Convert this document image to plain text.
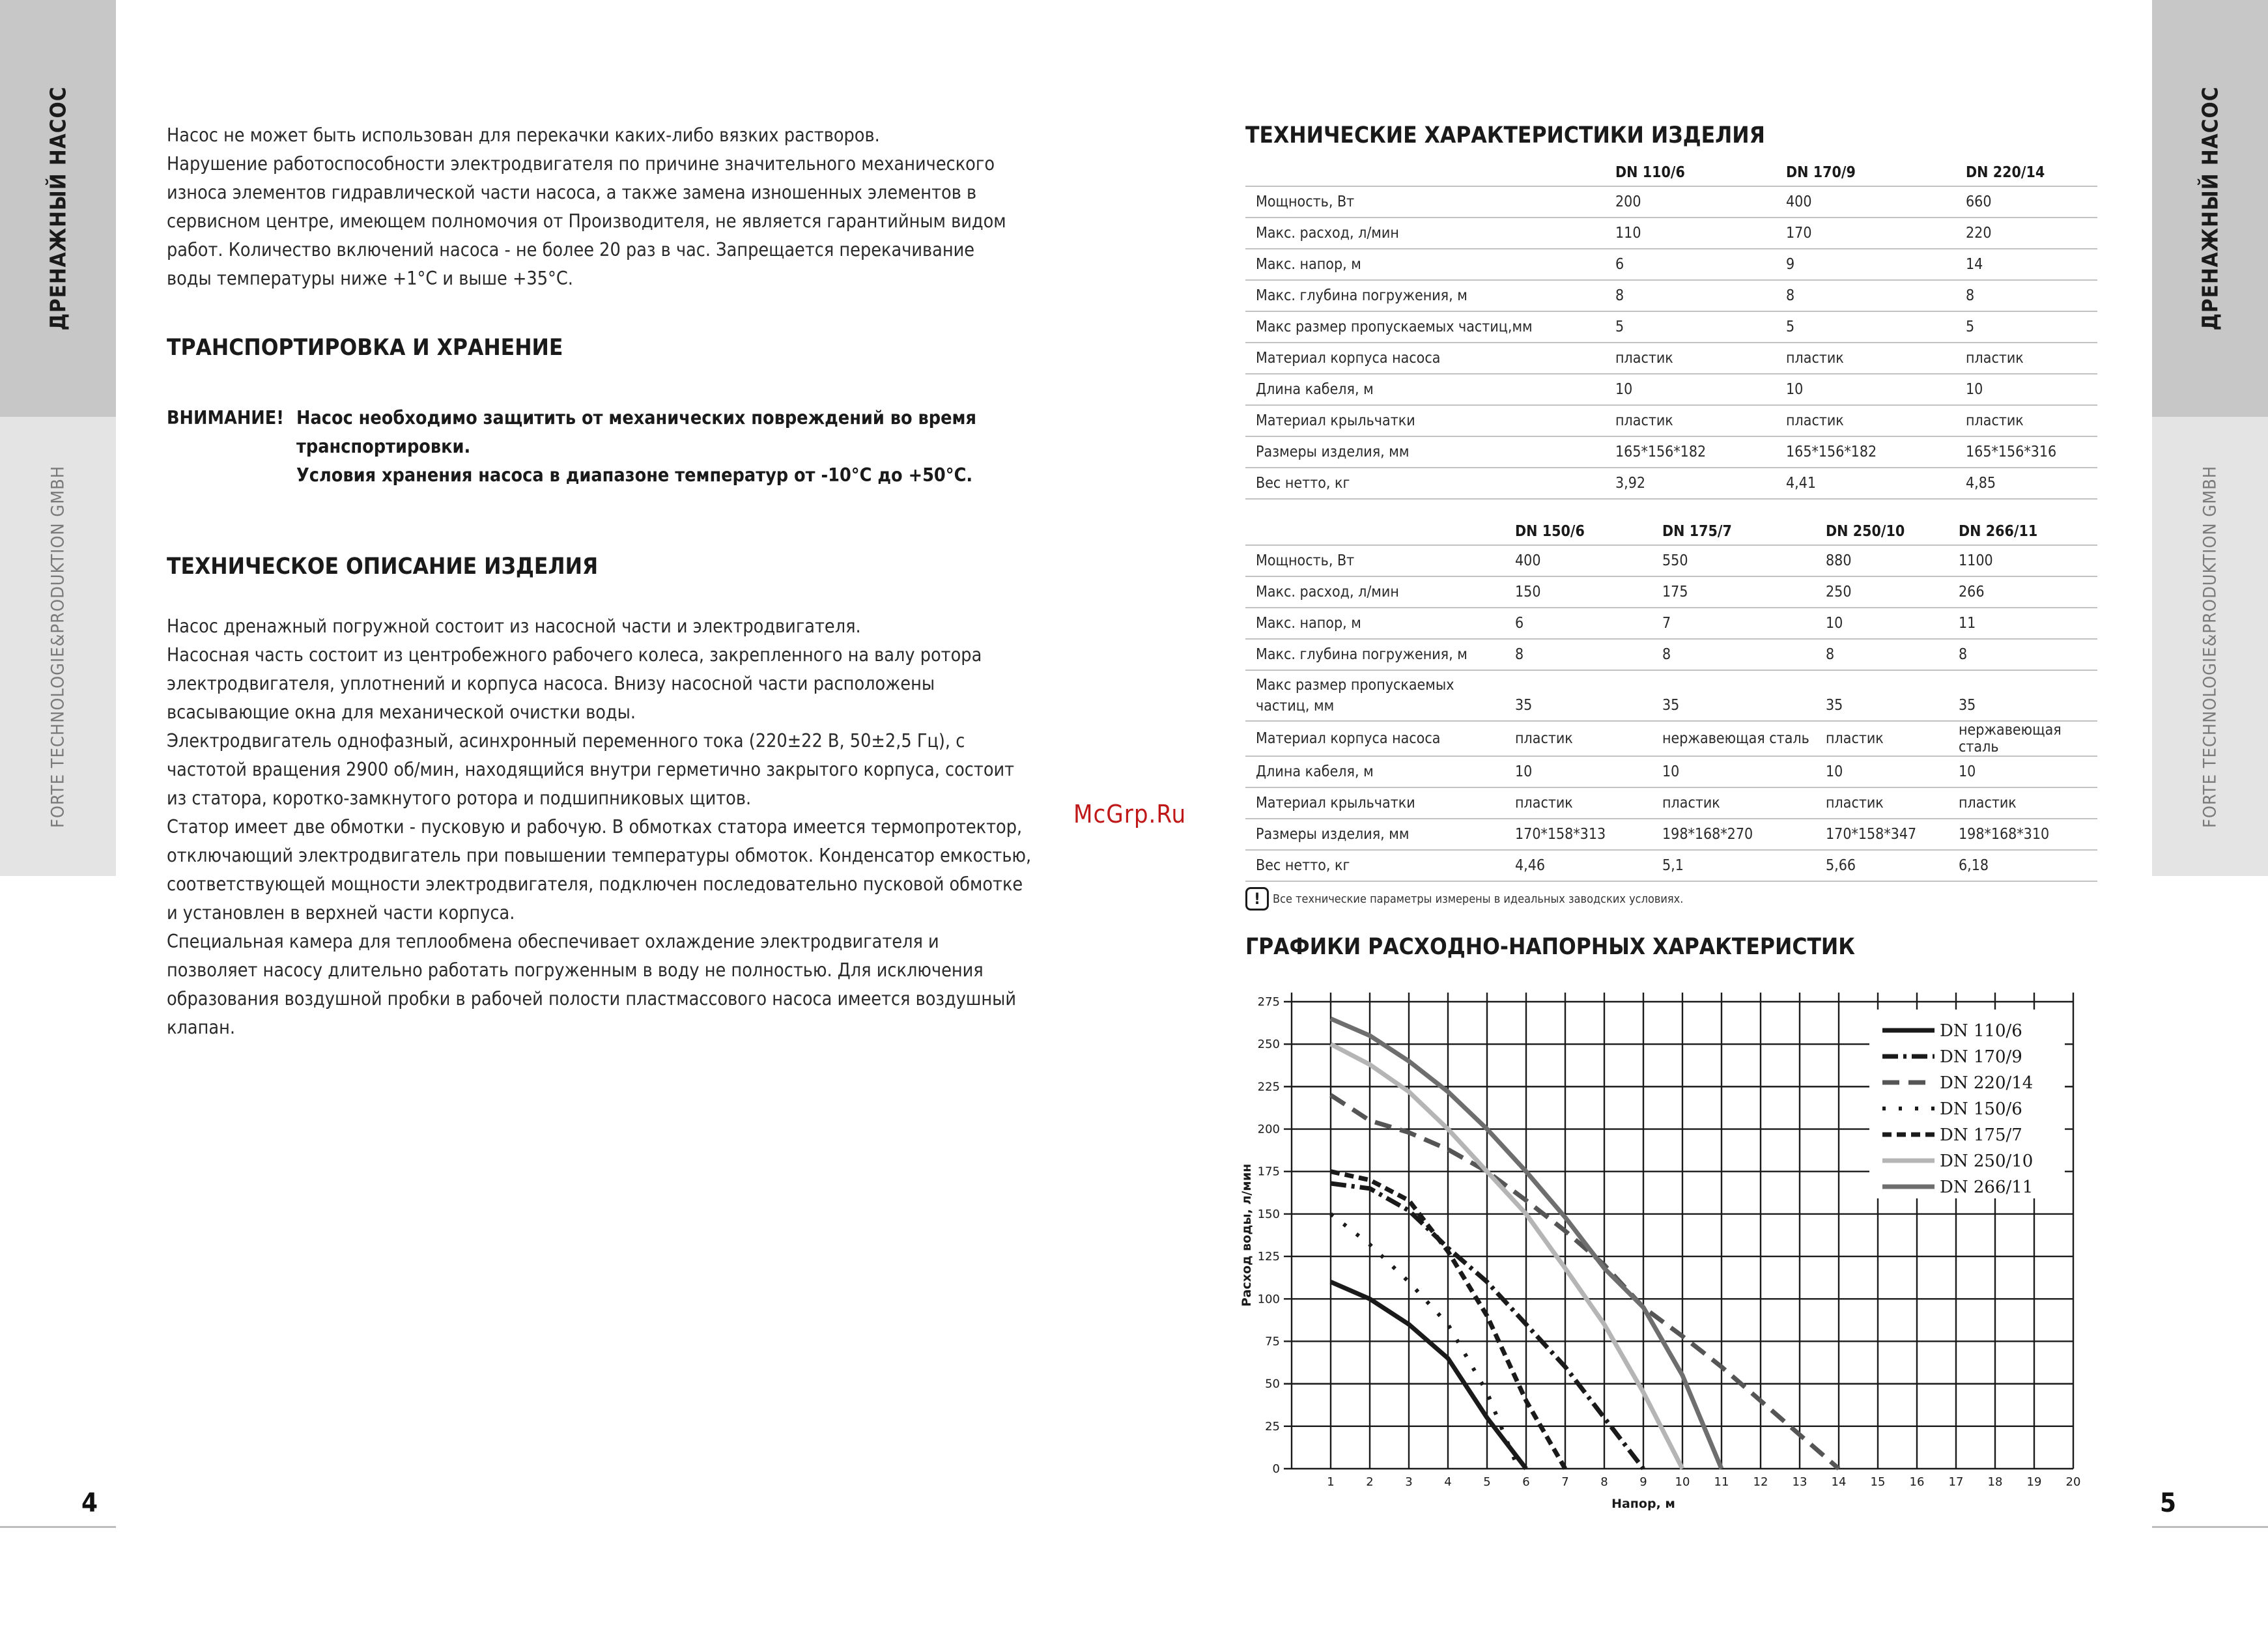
ДРЕНАЖНЫЙ НАСОС
FORTE TECHNOLOGIE&PRODUKTION GMBH
4
ДРЕНАЖНЫЙ НАСОС
FORTE TECHNOLOGIE&PRODUKTION GMBH
5

Насос не может быть использован для перекачки каких-либо вязких растворов.

Нарушение работоспособности электродвигателя по причине значительного механического

износа элементов гидравлической части насоса, а также замена изношенных элементов в

сервисном центре, имеющем полномочия от Производителя, не является гарантийным видом

работ. Количество включений насоса - не более 20 раз в час. Запрещается перекачивание

воды температуры ниже +1°С и выше +35°С.

ТРАНСПОРТИРОВКА И ХРАНЕНИЕ
ВНИМАНИЕ! Насос необходимо защитить от механических повреждений во время
транспортировки.
Условия хранения насоса в диапазоне температур от -10°С до +50°С.
ТЕХНИЧЕСКОЕ ОПИСАНИЕ ИЗДЕЛИЯ

Насос дренажный погружной состоит из насосной части и электродвигателя.

Насосная часть состоит из центробежного рабочего колеса, закрепленного на валу ротора

электродвигателя, уплотнений и корпуса насоса. Внизу насосной части расположены

всасывающие окна для механической очистки воды.

Электродвигатель однофазный, асинхронный переменного тока (220±22 В, 50±2,5 Гц), с

частотой вращения 2900 об/мин, находящийся внутри герметично закрытого корпуса, состоит

из статора, коротко-замкнутого ротора и подшипниковых щитов.

Статор имеет две обмотки - пусковую и рабочую. В обмотках статора имеется термопротектор,

отключающий электродвигатель при повышении температуры обмоток. Конденсатор емкостью,

соответствующей мощности электродвигателя, подключен последовательно пусковой обмотке

и установлен в верхней части корпуса.

Специальная камера для теплообмена обеспечивает охлаждение электродвигателя и

позволяет насосу длительно работать погруженным в воду не полностью. Для исключения

образования воздушной пробки в рабочей полости пластмассового насоса имеется воздушный

клапан.

McGrp.Ru
ТЕХНИЧЕСКИЕ ХАРАКТЕРИСТИКИ ИЗДЕЛИЯ
	DN 110/6	DN 170/9	DN 220/14
Мощность, Вт	200	400	660
Макс. расход, л/мин	110	170	220
Макс. напор, м	6	9	14
Макс. глубина погружения, м	8	8	8
Макс размер пропускаемых частиц,мм	5	5	5
Материал корпуса насоса	пластик	пластик	пластик
Длина кабеля, м	10	10	10
Материал крыльчатки	пластик	пластик	пластик
Размеры изделия, мм	165*156*182	165*156*182	165*156*316
Вес нетто, кг	3,92	4,41	4,85
	DN 150/6	DN 175/7	DN 250/10	DN 266/11
Мощность, Вт	400	550	880	1100
Макс. расход, л/мин	150	175	250	266
Макс. напор, м	6	7	10	11
Макс. глубина погружения, м	8	8	8	8
Макс размер пропускаемых частиц, мм	35	35	35	35
Материал корпуса насоса	пластик	нержавеющая сталь	пластик	нержавеющая сталь
Длина кабеля, м	10	10	10	10
Материал крыльчатки	пластик	пластик	пластик	пластик
Размеры изделия, мм	170*158*313	198*168*270	170*158*347	198*168*310
Вес нетто, кг	4,46	5,1	5,66	6,18
!	Все технические параметры измерены в идеальных заводских условиях.
ГРАФИКИ РАСХОДНО-НАПОРНЫХ ХАРАКТЕРИСТИК
1	2	3	4	5	6	7	8	9 10 11 12 13 14 15 16 17 18 19 20
0
25
50
75
100
125
150
175
200
225
250
275
Напор, м
Расход воды, л/мин
DN 110/6
DN 170/9
DN 220/14
DN 150/6
DN 175/7
DN 250/10
DN 266/11
